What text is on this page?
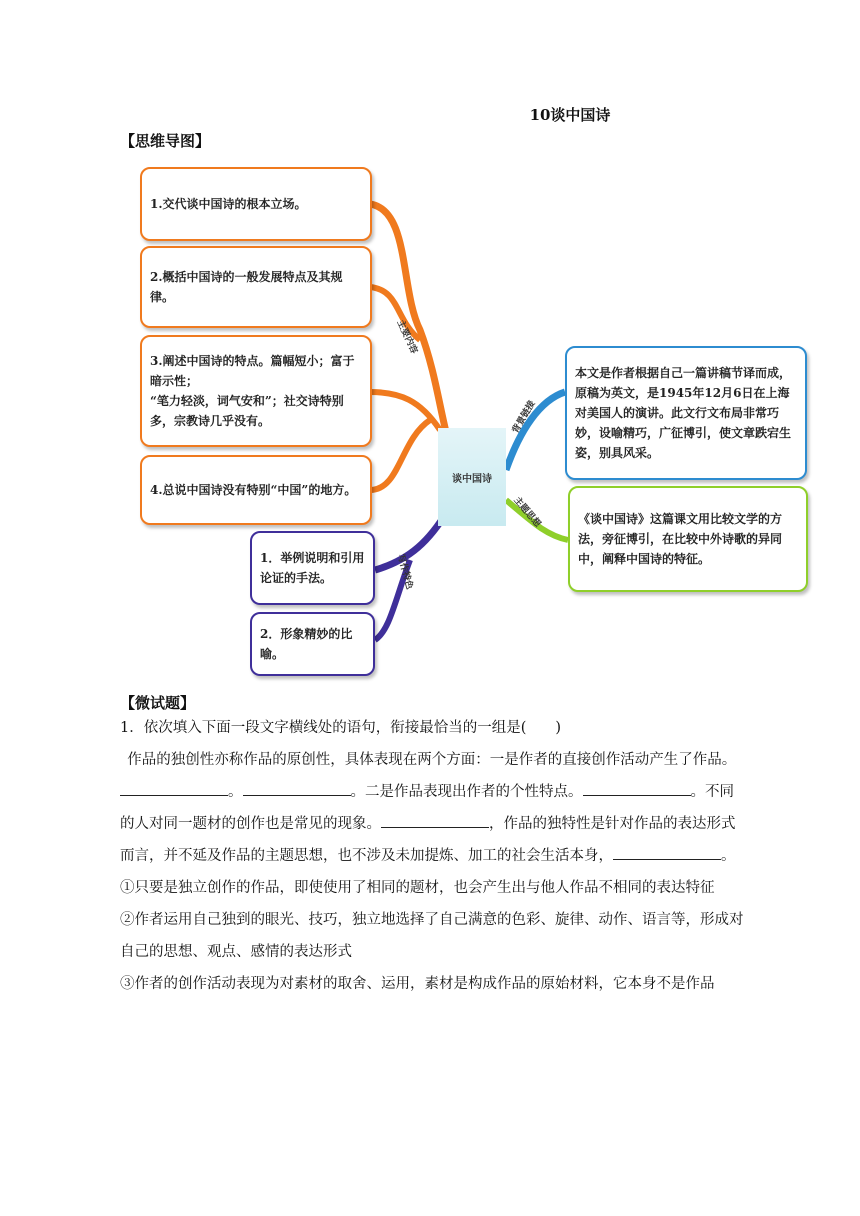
10谈中国诗
【思维导图】
谈中国诗
主要内容
背景链接
主题思想
写作特色
1.交代谈中国诗的根本立场。
2.概括中国诗的一般发展特点及其规律。
3.阐述中国诗的特点。篇幅短小；富于暗示性；
“笔力轻淡，词气安和”；社交诗特别多，宗教诗几乎没有。
4.总说中国诗没有特别“中国”的地方。
1．举例说明和引用论证的手法。
2．形象精妙的比喻。
本文是作者根据自己一篇讲稿节译而成，原稿为英文，是1945年12月6日在上海对美国人的演讲。此文行文布局非常巧妙，设喻精巧，广征博引，使文章跌宕生姿，别具风采。
《谈中国诗》这篇课文用比较文学的方法，旁征博引，在比较中外诗歌的异同中，阐释中国诗的特征。
【微试题】

1．依次填入下面一段文字横线处的语句，衔接最恰当的一组是(　　)

作品的独创性亦称作品的原创性，具体表现在两个方面：一是作者的直接创作活动产生了作品。。	。二是作品表现出作者的个性特点。	。不同的人对同一题材的创作也是常见的现象。	，作品的独特性是针对作品的表达形式而言，并不延及作品的主题思想，也不涉及未加提炼、加工的社会生活本身，	。

①只要是独立创作的作品，即使使用了相同的题材，也会产生出与他人作品不相同的表达特征

②作者运用自己独到的眼光、技巧，独立地选择了自己满意的色彩、旋律、动作、语言等，形成对自己的思想、观点、感情的表达形式

③作者的创作活动表现为对素材的取舍、运用，素材是构成作品的原始材料，它本身不是作品
